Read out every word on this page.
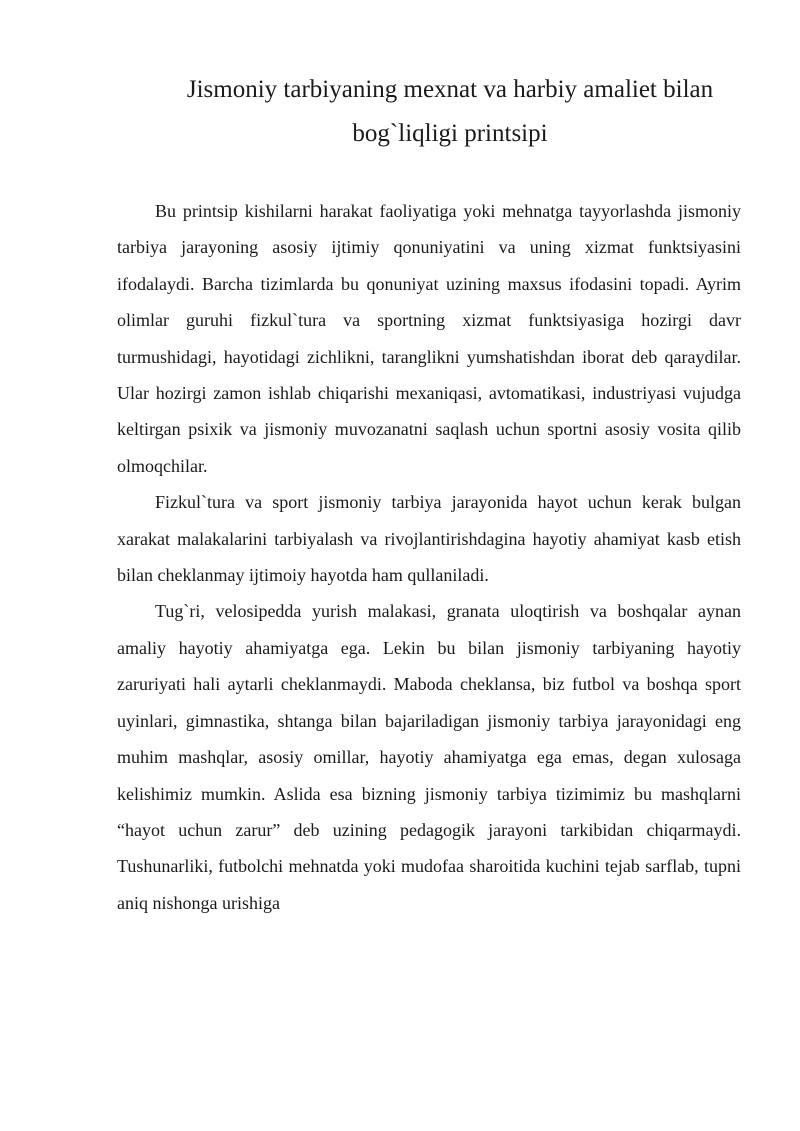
Jismoniy tarbiyaning mexnat va harbiy amaliet bilan
bog`liqligi printsipi

Bu printsip kishilarni harakat faoliyatiga yoki mehnatga tayyorlashda jismoniy tarbiya jarayoning asosiy ijtimiy qonuniyatini va uning xizmat funktsiyasini ifodalaydi. Barcha tizimlarda bu qonuniyat uzining maxsus ifodasini topadi. Ayrim olimlar guruhi fizkul`tura va sportning xizmat funktsiyasiga hozirgi davr turmushidagi, hayotidagi zichlikni, taranglikni yumshatishdan iborat deb qaraydilar. Ular hozirgi zamon ishlab chiqarishi mexaniqasi, avtomatikasi, industriyasi vujudga keltirgan psixik va jismoniy muvozanatni saqlash uchun sportni asosiy vosita qilib olmoqchilar.

Fizkul`tura va sport jismoniy tarbiya jarayonida hayot uchun kerak bulgan xarakat malakalarini tarbiyalash va rivojlantirishdagina hayotiy ahamiyat kasb etish bilan cheklanmay ijtimoiy hayotda ham qullaniladi.

Tug`ri, velosipedda yurish malakasi, granata uloqtirish va boshqalar aynan amaliy hayotiy ahamiyatga ega. Lekin bu bilan jismoniy tarbiyaning hayotiy zaruriyati hali aytarli cheklanmaydi. Maboda cheklansa, biz futbol va boshqa sport uyinlari, gimnastika, shtanga bilan bajariladigan jismoniy tarbiya jarayonidagi eng muhim mashqlar, asosiy omillar, hayotiy ahamiyatga ega emas, degan xulosaga kelishimiz mumkin. Aslida esa bizning jismoniy tarbiya tizimimiz bu mashqlarni “hayot uchun zarur” deb uzining pedagogik jarayoni tarkibidan chiqarmaydi. Tushunarliki, futbolchi mehnatda yoki mudofaa sharoitida kuchini tejab sarflab, tupni aniq nishonga urishiga
